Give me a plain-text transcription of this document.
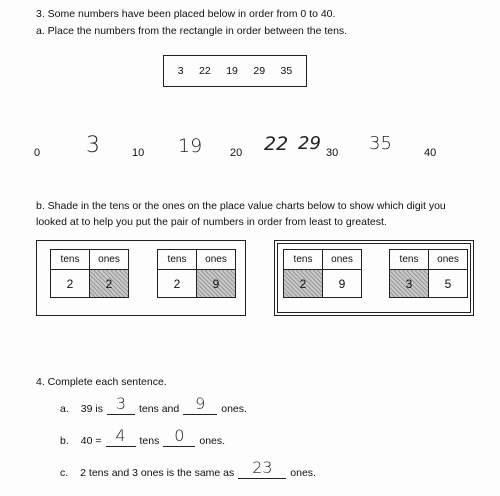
3. Some numbers have been placed below in order from 0 to 40.
a. Place the numbers from the rectangle in order between the tens.
3 22 19 29 35
0 3	10 19	20 22 29 30 35	40
b. Shade in the tens or the ones on the place value charts below to show which digit you
looked at to help you put the pair of numbers in order from least to greatest.
tens	ones
2	2
tens	ones
2	9
tens	ones
2	9
tens	ones
3	5
4. Complete each sentence.
a. 39 is 3	tens and 9	ones.
b. 40 = 4	tens 0	ones.
c. 2 tens and 3 ones is the same as	23	ones.
